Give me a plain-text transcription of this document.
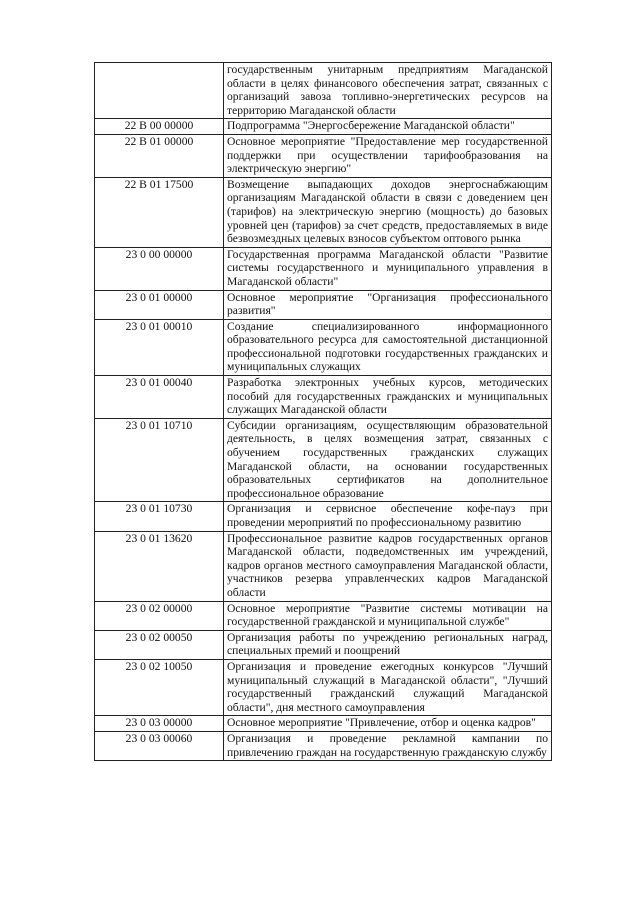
	государственным унитарным предприятиям Магаданской области в целях финансового обеспечения затрат, связанных с организаций завоза топливно-энергетических ресурсов на территорию Магаданской области
22 В 00 00000	Подпрограмма "Энергосбережение Магаданской области"
22 В 01 00000	Основное мероприятие "Предоставление мер государственной поддержки при осуществлении тарифообразования на электрическую энергию"
22 В 01 17500	Возмещение выпадающих доходов энергоснабжающим организациям Магаданской области в связи с доведением цен (тарифов) на электрическую энергию (мощность) до базовых уровней цен (тарифов) за счет средств, предоставляемых в виде безвозмездных целевых взносов субъектом оптового рынка
23 0 00 00000	Государственная программа Магаданской области "Развитие системы государственного и муниципального управления в Магаданской области"
23 0 01 00000	Основное мероприятие "Организация профессионального развития"
23 0 01 00010	Создание специализированного информационного образовательного ресурса для самостоятельной дистанционной профессиональной подготовки государственных гражданских и муниципальных служащих
23 0 01 00040	Разработка электронных учебных курсов, методических пособий для государственных гражданских и муниципальных служащих Магаданской области
23 0 01 10710	Субсидии организациям, осуществляющим образовательной деятельность, в целях возмещения затрат, связанных с обучением государственных гражданских служащих Магаданской области, на основании государственных образовательных сертификатов на дополнительное профессиональное образование
23 0 01 10730	Организация и сервисное обеспечение кофе-пауз при проведении мероприятий по профессиональному развитию
23 0 01 13620	Профессиональное развитие кадров государственных органов Магаданской области, подведомственных им учреждений, кадров органов местного самоуправления Магаданской области, участников резерва управленческих кадров Магаданской области
23 0 02 00000	Основное мероприятие "Развитие системы мотивации на государственной гражданской и муниципальной службе"
23 0 02 00050	Организация работы по учреждению региональных наград, специальных премий и поощрений
23 0 02 10050	Организация и проведение ежегодных конкурсов "Лучший муниципальный служащий в Магаданской области", "Лучший государственный гражданский служащий Магаданской области", дня местного самоуправления
23 0 03 00000	Основное мероприятие "Привлечение, отбор и оценка кадров"
23 0 03 00060	Организация и проведение рекламной кампании по привлечению граждан на государственную гражданскую службу
